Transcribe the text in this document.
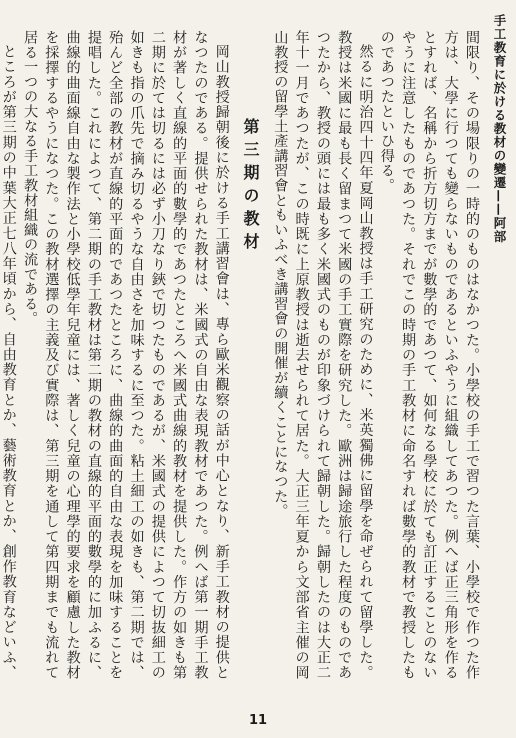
手工教育に於ける教材の變遷——阿部

間限り、その場限りの一時的のものはなかつた。小學校の手工で習つた言葉、小學校で作つた作方は、大學に行つても變らないものであるといふやうに組織してあつた。例へば正三角形を作るとすれば、名稱から折方切方までが數學的であつて、如何なる學校に於ても訂正することのないやうに注意したものであつた。それでこの時期の手工教材に命名すれば數學的教材で教授したものであつたといひ得る。

然るに明治四十四年夏岡山教授は手工研究のために、米英獨佛に留學を命ぜられて留學した。教授は米國に最も長く留まつて米國の手工實際を研究した。歐洲は歸途旅行した程度のものであつたから、教授の頭には最も多く米國式のものが印象づけられて歸朝した。歸朝したのは大正二年十一月であつたが、この時既に上原教授は逝去せられて居た。大正三年夏から文部省主催の岡山教授の留學土產講習會ともいふべき講習會の開催が續くことになつた。

第三期の教材

岡山教授歸朝後に於ける手工講習會は、專ら歐米觀察の話が中心となり、新手工教材の提供となつたのである。提供せられた教材は、米國式の自由な表現教材であつた。例へば第一期手工教材が著しく直線的平面的數學的であつたところへ米國式曲線的教材を提供した。作方の如きも第二期に於ては切るには必ず小刀なり鋏で切つたものであるが、米國式の提供によつて切抜細工の如きも指の爪先で摘み切るやうな自由さを加味するに至つた。粘土細工の如きも、第二期では、殆んど全部の教材が直線的平面的であつたところに、曲線的曲面的自由な表現を加味することを提唱した。これによつて、第二期の手工教材は第二期の教材の直線的平面的數學的に加ふるに、曲線的曲面線自由な製作法と小學校低學年兒童には、著しく兒童の心理學的要求を顧慮した教材を採擇するやうになつた。この教材選擇の主義及び實際は、第三期を通して第四期までも流れて居る一つの大なる手工教材組織の流である。

ところが第三期の中葉大正七八年頃から、自由教育とか、藝術教育とか、創作教育などいふ、

11
